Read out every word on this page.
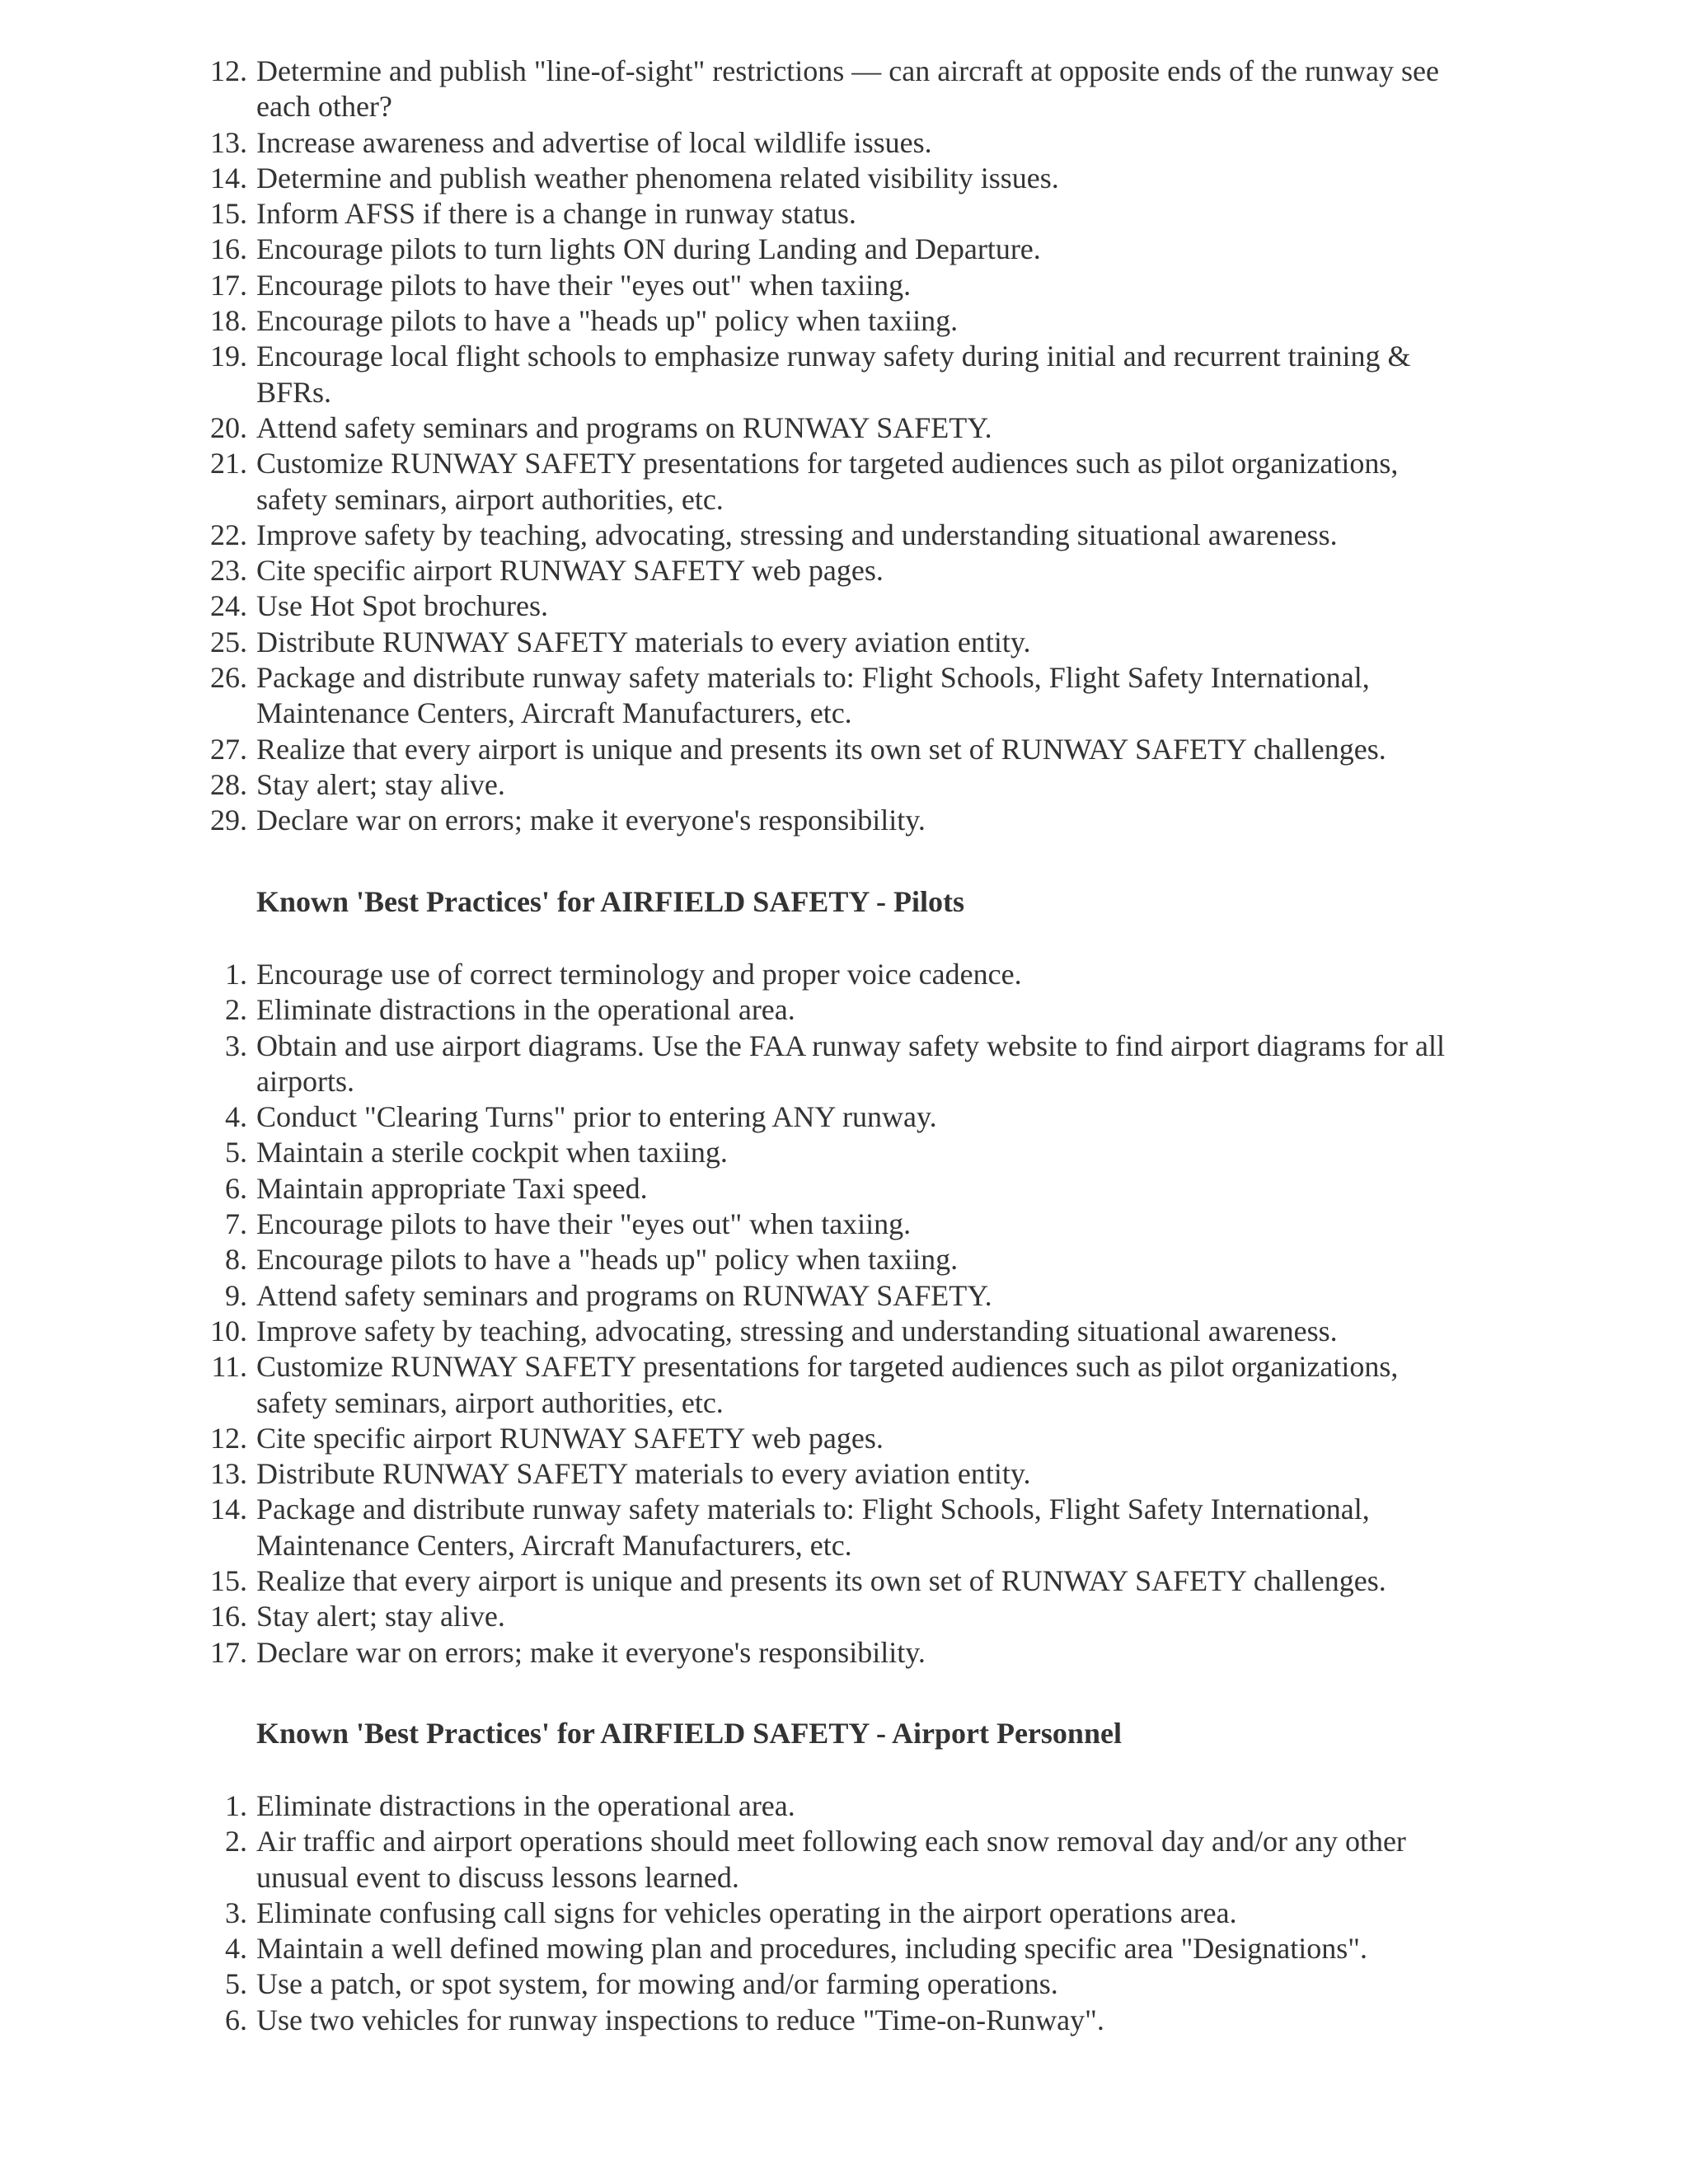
12. Determine and publish "line-of-sight" restrictions — can aircraft at opposite ends of the runway see each other?
13. Increase awareness and advertise of local wildlife issues.
14. Determine and publish weather phenomena related visibility issues.
15. Inform AFSS if there is a change in runway status.
16. Encourage pilots to turn lights ON during Landing and Departure.
17. Encourage pilots to have their "eyes out" when taxiing.
18. Encourage pilots to have a "heads up" policy when taxiing.
19. Encourage local flight schools to emphasize runway safety during initial and recurrent training & BFRs.
20. Attend safety seminars and programs on RUNWAY SAFETY.
21. Customize RUNWAY SAFETY presentations for targeted audiences such as pilot organizations, safety seminars, airport authorities, etc.
22. Improve safety by teaching, advocating, stressing and understanding situational awareness.
23. Cite specific airport RUNWAY SAFETY web pages.
24. Use Hot Spot brochures.
25. Distribute RUNWAY SAFETY materials to every aviation entity.
26. Package and distribute runway safety materials to: Flight Schools, Flight Safety International, Maintenance Centers, Aircraft Manufacturers, etc.
27. Realize that every airport is unique and presents its own set of RUNWAY SAFETY challenges.
28. Stay alert; stay alive.
29. Declare war on errors; make it everyone's responsibility.
Known 'Best Practices' for AIRFIELD SAFETY - Pilots
1. Encourage use of correct terminology and proper voice cadence.
2. Eliminate distractions in the operational area.
3. Obtain and use airport diagrams. Use the FAA runway safety website to find airport diagrams for all airports.
4. Conduct "Clearing Turns" prior to entering ANY runway.
5. Maintain a sterile cockpit when taxiing.
6. Maintain appropriate Taxi speed.
7. Encourage pilots to have their "eyes out" when taxiing.
8. Encourage pilots to have a "heads up" policy when taxiing.
9. Attend safety seminars and programs on RUNWAY SAFETY.
10. Improve safety by teaching, advocating, stressing and understanding situational awareness.
11. Customize RUNWAY SAFETY presentations for targeted audiences such as pilot organizations, safety seminars, airport authorities, etc.
12. Cite specific airport RUNWAY SAFETY web pages.
13. Distribute RUNWAY SAFETY materials to every aviation entity.
14. Package and distribute runway safety materials to: Flight Schools, Flight Safety International, Maintenance Centers, Aircraft Manufacturers, etc.
15. Realize that every airport is unique and presents its own set of RUNWAY SAFETY challenges.
16. Stay alert; stay alive.
17. Declare war on errors; make it everyone's responsibility.
Known 'Best Practices' for AIRFIELD SAFETY - Airport Personnel
1. Eliminate distractions in the operational area.
2. Air traffic and airport operations should meet following each snow removal day and/or any other unusual event to discuss lessons learned.
3. Eliminate confusing call signs for vehicles operating in the airport operations area.
4. Maintain a well defined mowing plan and procedures, including specific area "Designations".
5. Use a patch, or spot system, for mowing and/or farming operations.
6. Use two vehicles for runway inspections to reduce "Time-on-Runway".
